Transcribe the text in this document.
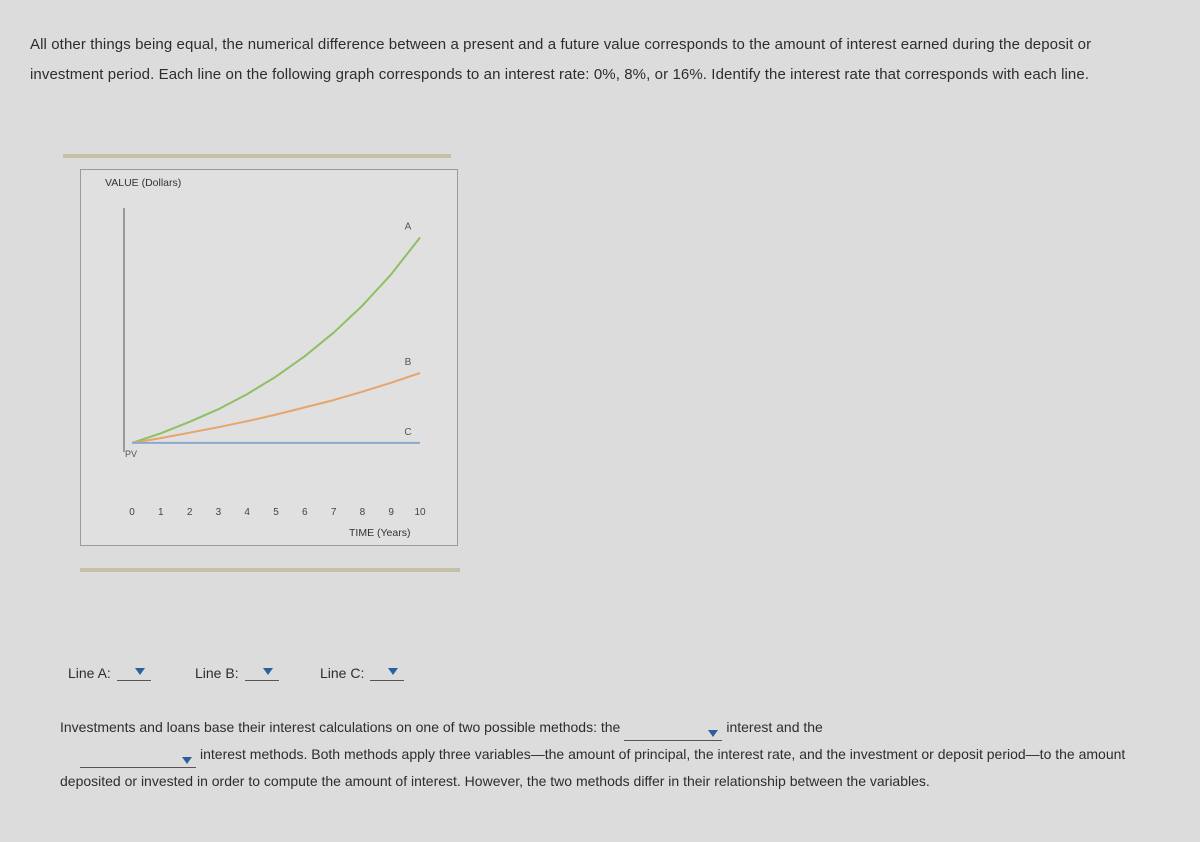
All other things being equal, the numerical difference between a present and a future value corresponds to the amount of interest earned during the deposit or investment period. Each line on the following graph corresponds to an interest rate: 0%, 8%, or 16%. Identify the interest rate that corresponds with each line.
VALUE (Dollars)
0 1 2 3 4 5 6 7 8 9 10
A
B
C
PV
TIME (Years)
Line A:	Line B:	Line C:
Investments and loans base their interest calculations on one of two possible methods: the	interest and the

interest methods. Both methods apply three variables—the amount of principal, the interest rate, and the investment or deposit period—to the amount deposited or invested in order to compute the amount of interest. However, the two methods differ in their relationship between the variables.
